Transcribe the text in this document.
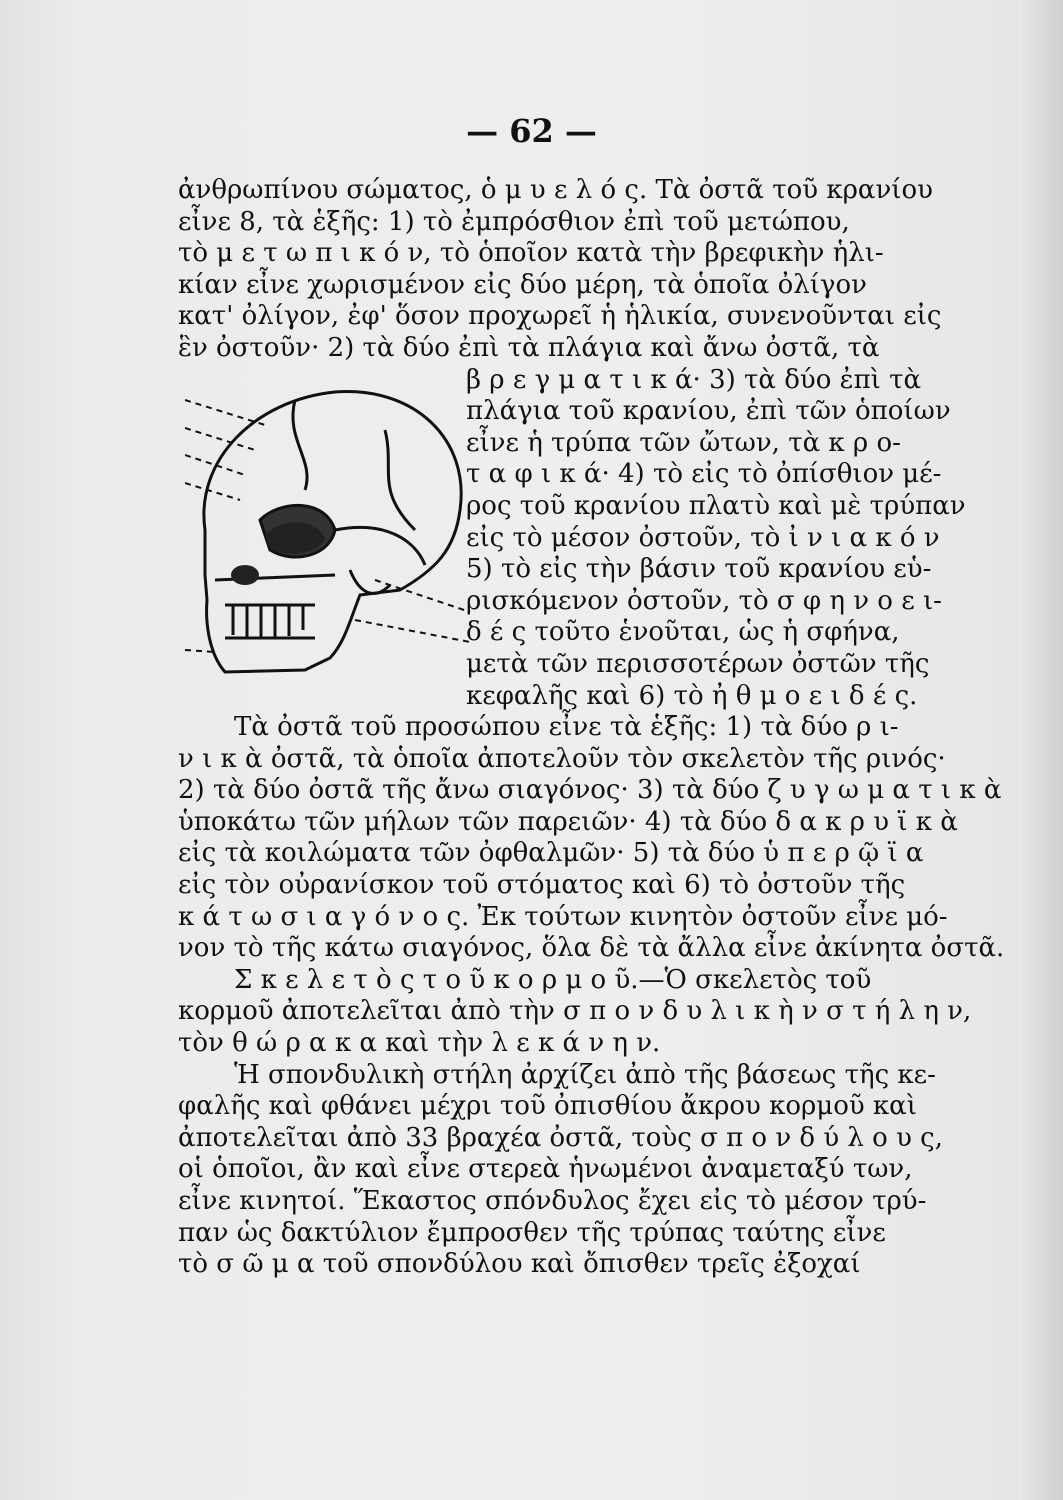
— 62 —
ἀνθρωπίνου σώματος, ὁ μ υ ε λ ό ς. Τὰ ὀστᾶ τοῦ κρανίου
εἶνε 8, τὰ ἑξῆς: 1) τὸ ἐμπρόσθιον ἐπὶ τοῦ μετώπου,
τὸ μ ε τ ω π ι κ ό ν, τὸ ὁποῖον κατὰ τὴν βρεφικὴν ἡλι-
κίαν εἶνε χωρισμένον εἰς δύο μέρη, τὰ ὁποῖα ὀλίγον
κατ' ὀλίγον, ἐφ' ὅσον προχωρεῖ ἡ ἡλικία, συνενοῦνται εἰς
ἓν ὀστοῦν· 2) τὰ δύο ἐπὶ τὰ πλάγια καὶ ἄνω ὀστᾶ, τὰ
β ρ ε γ μ α τ ι κ ά· 3) τὰ δύο ἐπὶ τὰ
πλάγια τοῦ κρανίου, ἐπὶ τῶν ὁποίων
εἶνε ἡ τρύπα τῶν ὤτων, τὰ κ ρ ο-
τ α φ ι κ ά· 4) τὸ εἰς τὸ ὀπίσθιον μέ-
ρος τοῦ κρανίου πλατὺ καὶ μὲ τρύπαν
εἰς τὸ μέσον ὀστοῦν, τὸ ἰ ν ι α κ ό ν
5) τὸ εἰς τὴν βάσιν τοῦ κρανίου εὑ-
ρισκόμενον ὀστοῦν, τὸ σ φ η ν ο ε ι-
δ έ ς τοῦτο ἑνοῦται, ὡς ἡ σφήνα,
μετὰ τῶν περισσοτέρων ὀστῶν τῆς
κεφαλῆς καὶ 6) τὸ ἠ θ μ ο ε ι δ έ ς.
Τὰ ὀστᾶ τοῦ προσώπου εἶνε τὰ ἑξῆς: 1) τὰ δύο ρ ι-
ν ι κ ὰ ὀστᾶ, τὰ ὁποῖα ἀποτελοῦν τὸν σκελετὸν τῆς ρινός·
2) τὰ δύο ὀστᾶ τῆς ἄνω σιαγόνος· 3) τὰ δύο ζ υ γ ω μ α τ ι κ ὰ
ὑποκάτω τῶν μήλων τῶν παρειῶν· 4) τὰ δύο δ α κ ρ υ ϊ κ ὰ
εἰς τὰ κοιλώματα τῶν ὀφθαλμῶν· 5) τὰ δύο ὑ π ε ρ ῷ ϊ α
εἰς τὸν οὐρανίσκον τοῦ στόματος καὶ 6) τὸ ὀστοῦν τῆς
κ ά τ ω σ ι α γ ό ν ο ς. Ἐκ τούτων κινητὸν ὀστοῦν εἶνε μό-
νον τὸ τῆς κάτω σιαγόνος, ὅλα δὲ τὰ ἄλλα εἶνε ἀκίνητα ὀστᾶ.
Σ κ ε λ ε τ ὸ ς τ ο ῦ κ ο ρ μ ο ῦ.—Ὁ σκελετὸς τοῦ
κορμοῦ ἀποτελεῖται ἀπὸ τὴν σ π ο ν δ υ λ ι κ ὴ ν σ τ ή λ η ν,
τὸν θ ώ ρ α κ α καὶ τὴν λ ε κ ά ν η ν.
Ἡ σπονδυλικὴ στήλη ἀρχίζει ἀπὸ τῆς βάσεως τῆς κε-
φαλῆς καὶ φθάνει μέχρι τοῦ ὀπισθίου ἄκρου κορμοῦ καὶ
ἀποτελεῖται ἀπὸ 33 βραχέα ὀστᾶ, τοὺς σ π ο ν δ ύ λ ο υ ς,
οἱ ὁποῖοι, ἂν καὶ εἶνε στερεὰ ἡνωμένοι ἀναμεταξύ των,
εἶνε κινητοί. Ἕκαστος σπόνδυλος ἔχει εἰς τὸ μέσον τρύ-
παν ὡς δακτύλιον ἔμπροσθεν τῆς τρύπας ταύτης εἶνε
τὸ σ ῶ μ α τοῦ σπονδύλου καὶ ὄπισθεν τρεῖς ἐξοχαί
